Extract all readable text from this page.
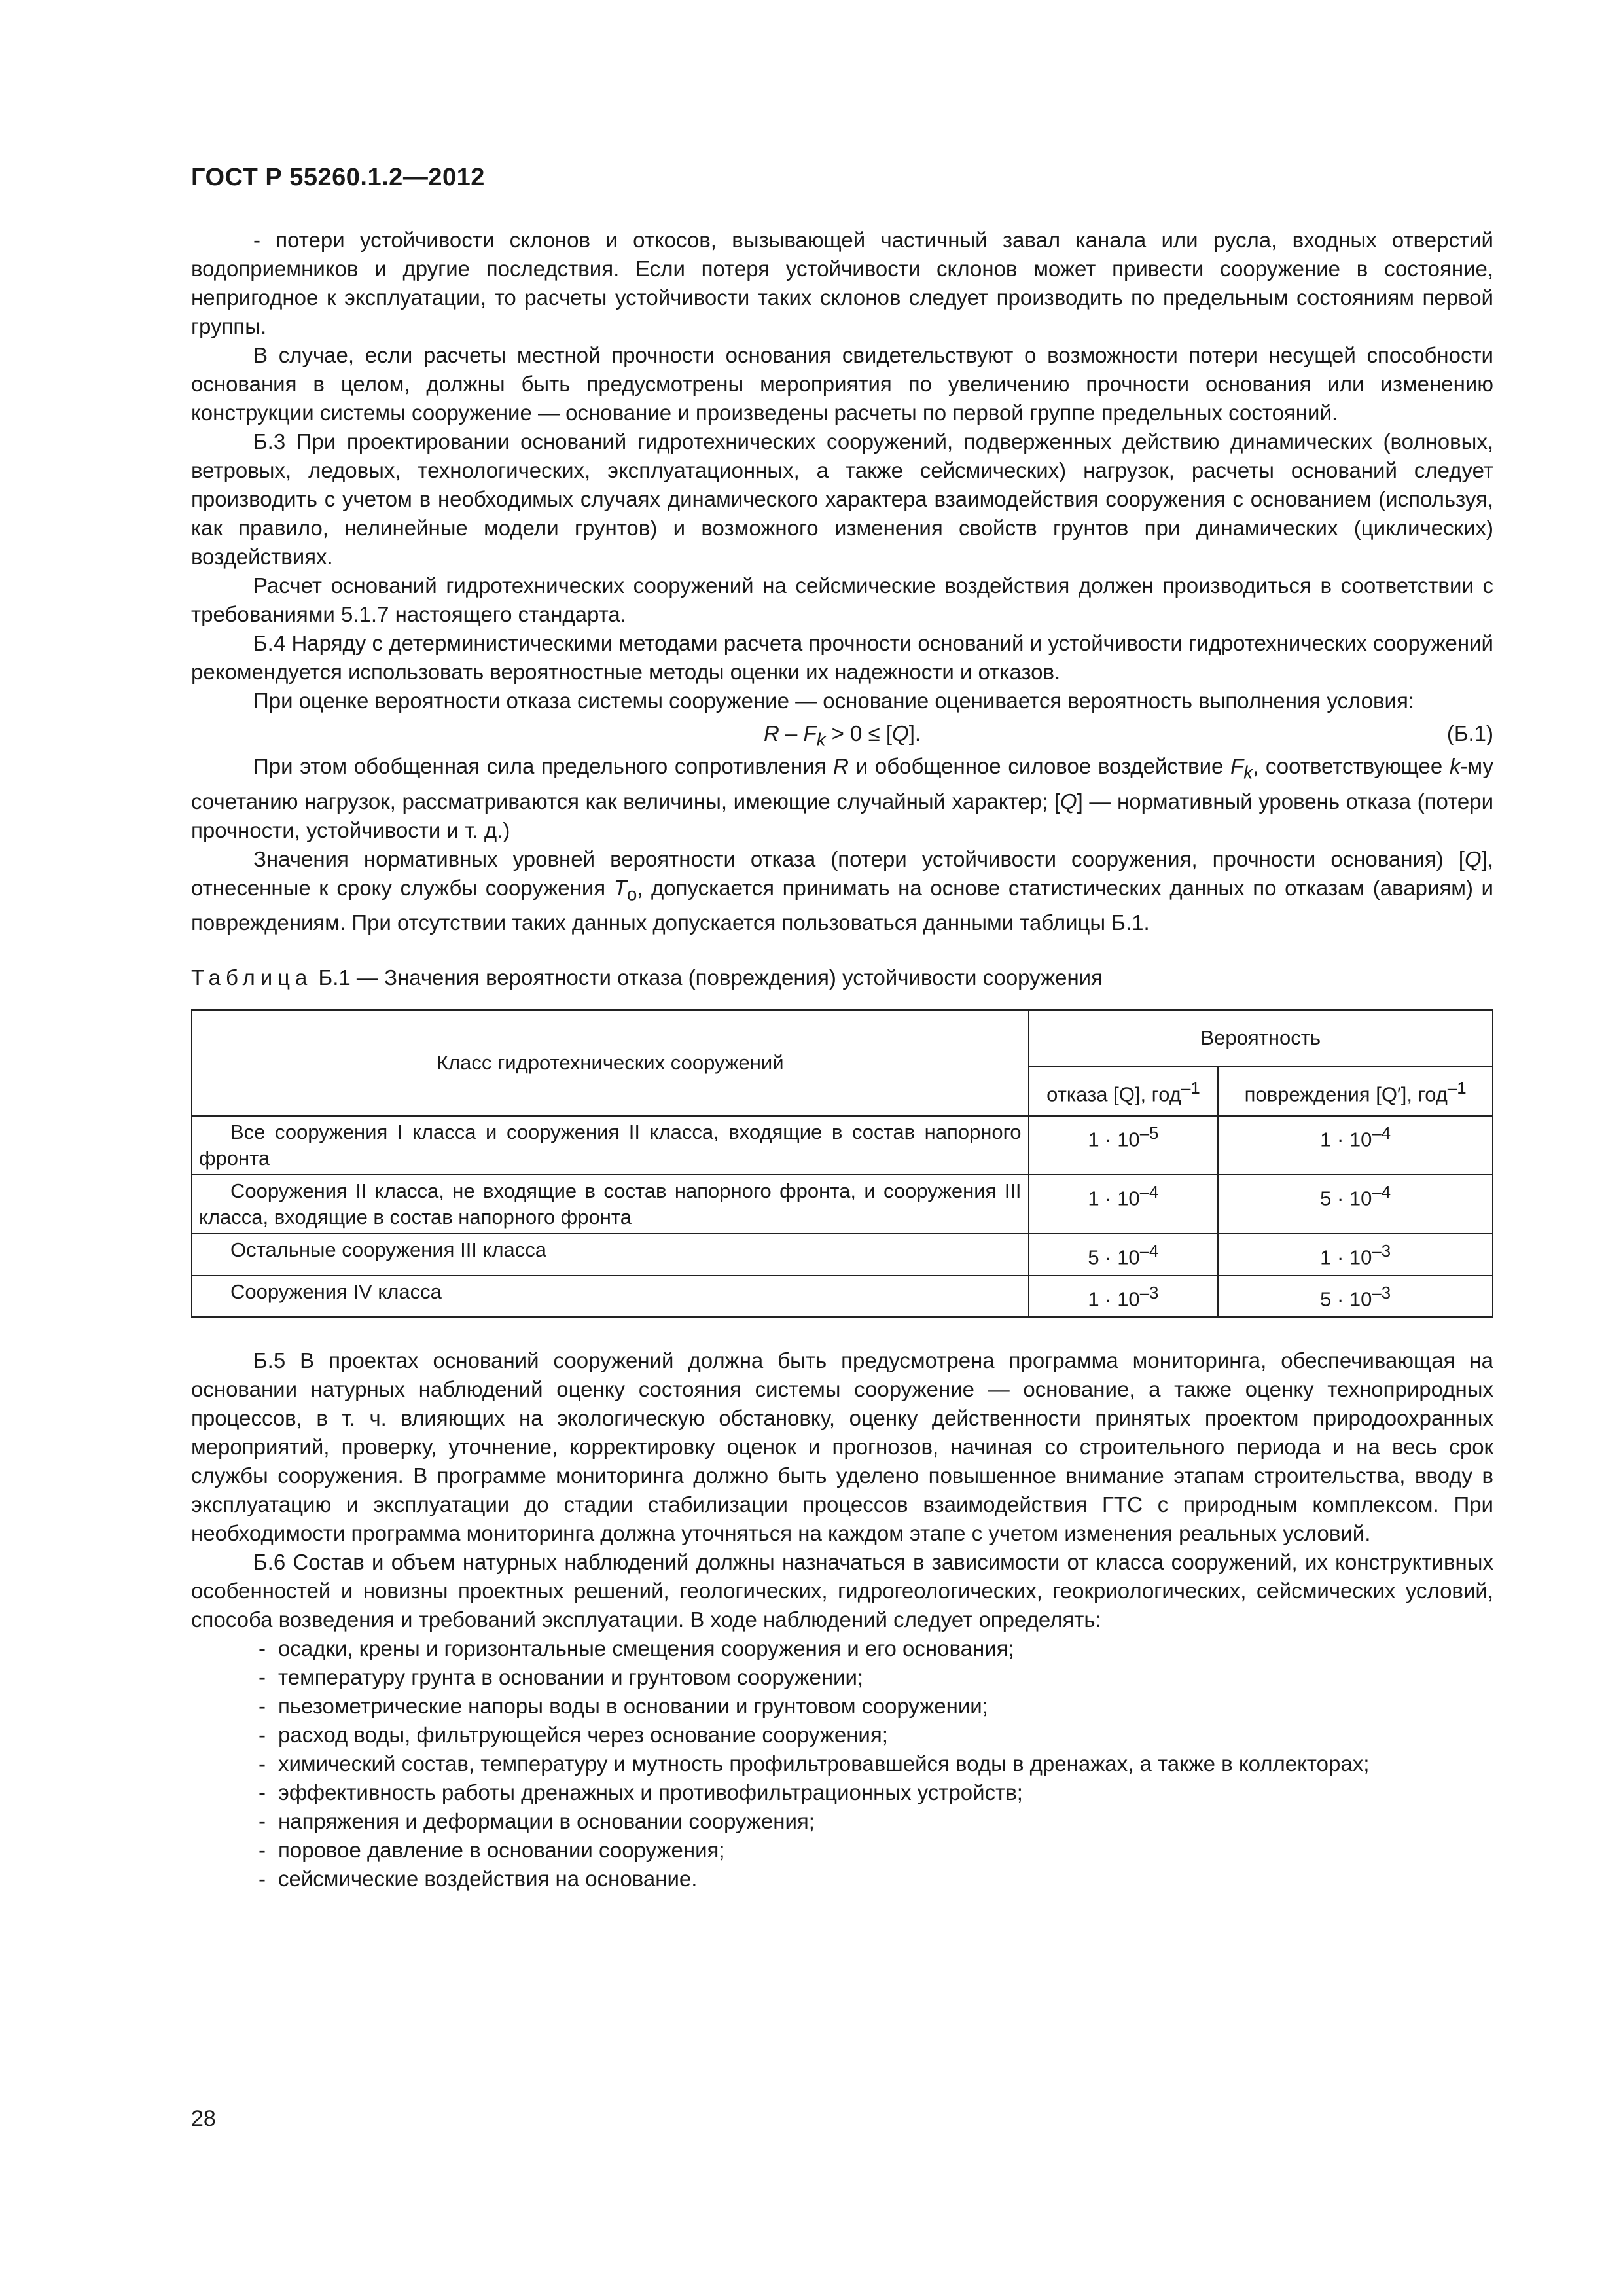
ГОСТ Р 55260.1.2—2012

- потери устойчивости склонов и откосов, вызывающей частичный завал канала или русла, входных отверстий водоприемников и другие последствия. Если потеря устойчивости склонов может привести сооружение в состояние, непригодное к эксплуатации, то расчеты устойчивости таких склонов следует производить по предельным состояниям первой группы.

В случае, если расчеты местной прочности основания свидетельствуют о возможности потери несущей способности основания в целом, должны быть предусмотрены мероприятия по увеличению прочности основания или изменению конструкции системы сооружение — основание и произведены расчеты по первой группе предельных состояний.

Б.3 При проектировании оснований гидротехнических сооружений, подверженных действию динамических (волновых, ветровых, ледовых, технологических, эксплуатационных, а также сейсмических) нагрузок, расчеты оснований следует производить с учетом в необходимых случаях динамического характера взаимодействия сооружения с основанием (используя, как правило, нелинейные модели грунтов) и возможного изменения свойств грунтов при динамических (циклических) воздействиях.

Расчет оснований гидротехнических сооружений на сейсмические воздействия должен производиться в соответствии с требованиями 5.1.7 настоящего стандарта.

Б.4 Наряду с детерминистическими методами расчета прочности оснований и устойчивости гидротехнических сооружений рекомендуется использовать вероятностные методы оценки их надежности и отказов.

При оценке вероятности отказа системы сооружение — основание оценивается вероятность выполнения условия:

$R - F_k > 0 \le [Q]$.	(Б.1)

При этом обобщенная сила предельного сопротивления R и обобщенное силовое воздействие $F_k$, соответствующее k-му сочетанию нагрузок, рассматриваются как величины, имеющие случайный характер; [Q] — нормативный уровень отказа (потери прочности, устойчивости и т. д.)

Значения нормативных уровней вероятности отказа (потери устойчивости сооружения, прочности основания) [Q], отнесенные к сроку службы сооружения $T_o$, допускается принимать на основе статистических данных по отказам (авариям) и повреждениям. При отсутствии таких данных допускается пользоваться данными таблицы Б.1.

Таблица Б.1 — Значения вероятности отказа (повреждения) устойчивости сооружения
Класс гидротехнических сооружений	Вероятность	
	отказа [Q], год$^{-1}$	повреждения [Q′], год$^{-1}$
Все сооружения I класса и сооружения II класса, входящие в состав напорного фронта	$1 \cdot 10^{-5}$	$1 \cdot 10^{-4}$
Сооружения II класса, не входящие в состав напорного фронта, и сооружения III класса, входящие в состав напорного фронта	$1 \cdot 10^{-4}$	$5 \cdot 10^{-4}$
Остальные сооружения III класса	$5 \cdot 10^{-4}$	$1 \cdot 10^{-3}$
Сооружения IV класса	$1 \cdot 10^{-3}$	$5 \cdot 10^{-3}$

Б.5 В проектах оснований сооружений должна быть предусмотрена программа мониторинга, обеспечивающая на основании натурных наблюдений оценку состояния системы сооружение — основание, а также оценку технoприродных процессов, в т. ч. влияющих на экологическую обстановку, оценку действенности принятых проектом природоохранных мероприятий, проверку, уточнение, корректировку оценок и прогнозов, начиная со строительного периода и на весь срок службы сооружения. В программе мониторинга должно быть уделено повышенное внимание этапам строительства, вводу в эксплуатацию и эксплуатации до стадии стабилизации процессов взаимодействия ГТС с природным комплексом. При необходимости программа мониторинга должна уточняться на каждом этапе с учетом изменения реальных условий.

Б.6 Состав и объем натурных наблюдений должны назначаться в зависимости от класса сооружений, их конструктивных особенностей и новизны проектных решений, геологических, гидрогеологических, геокриологических, сейсмических условий, способа возведения и требований эксплуатации. В ходе наблюдений следует определять:

- осадки, крены и горизонтальные смещения сооружения и его основания;
- температуру грунта в основании и грунтовом сооружении;
- пьезометрические напоры воды в основании и грунтовом сооружении;
- расход воды, фильтрующейся через основание сооружения;
- химический состав, температуру и мутность профильтровавшейся воды в дренажах, а также в коллекторах;
- эффективность работы дренажных и противофильтрационных устройств;
- напряжения и деформации в основании сооружения;
- поровое давление в основании сооружения;
- сейсмические воздействия на основание.
28
